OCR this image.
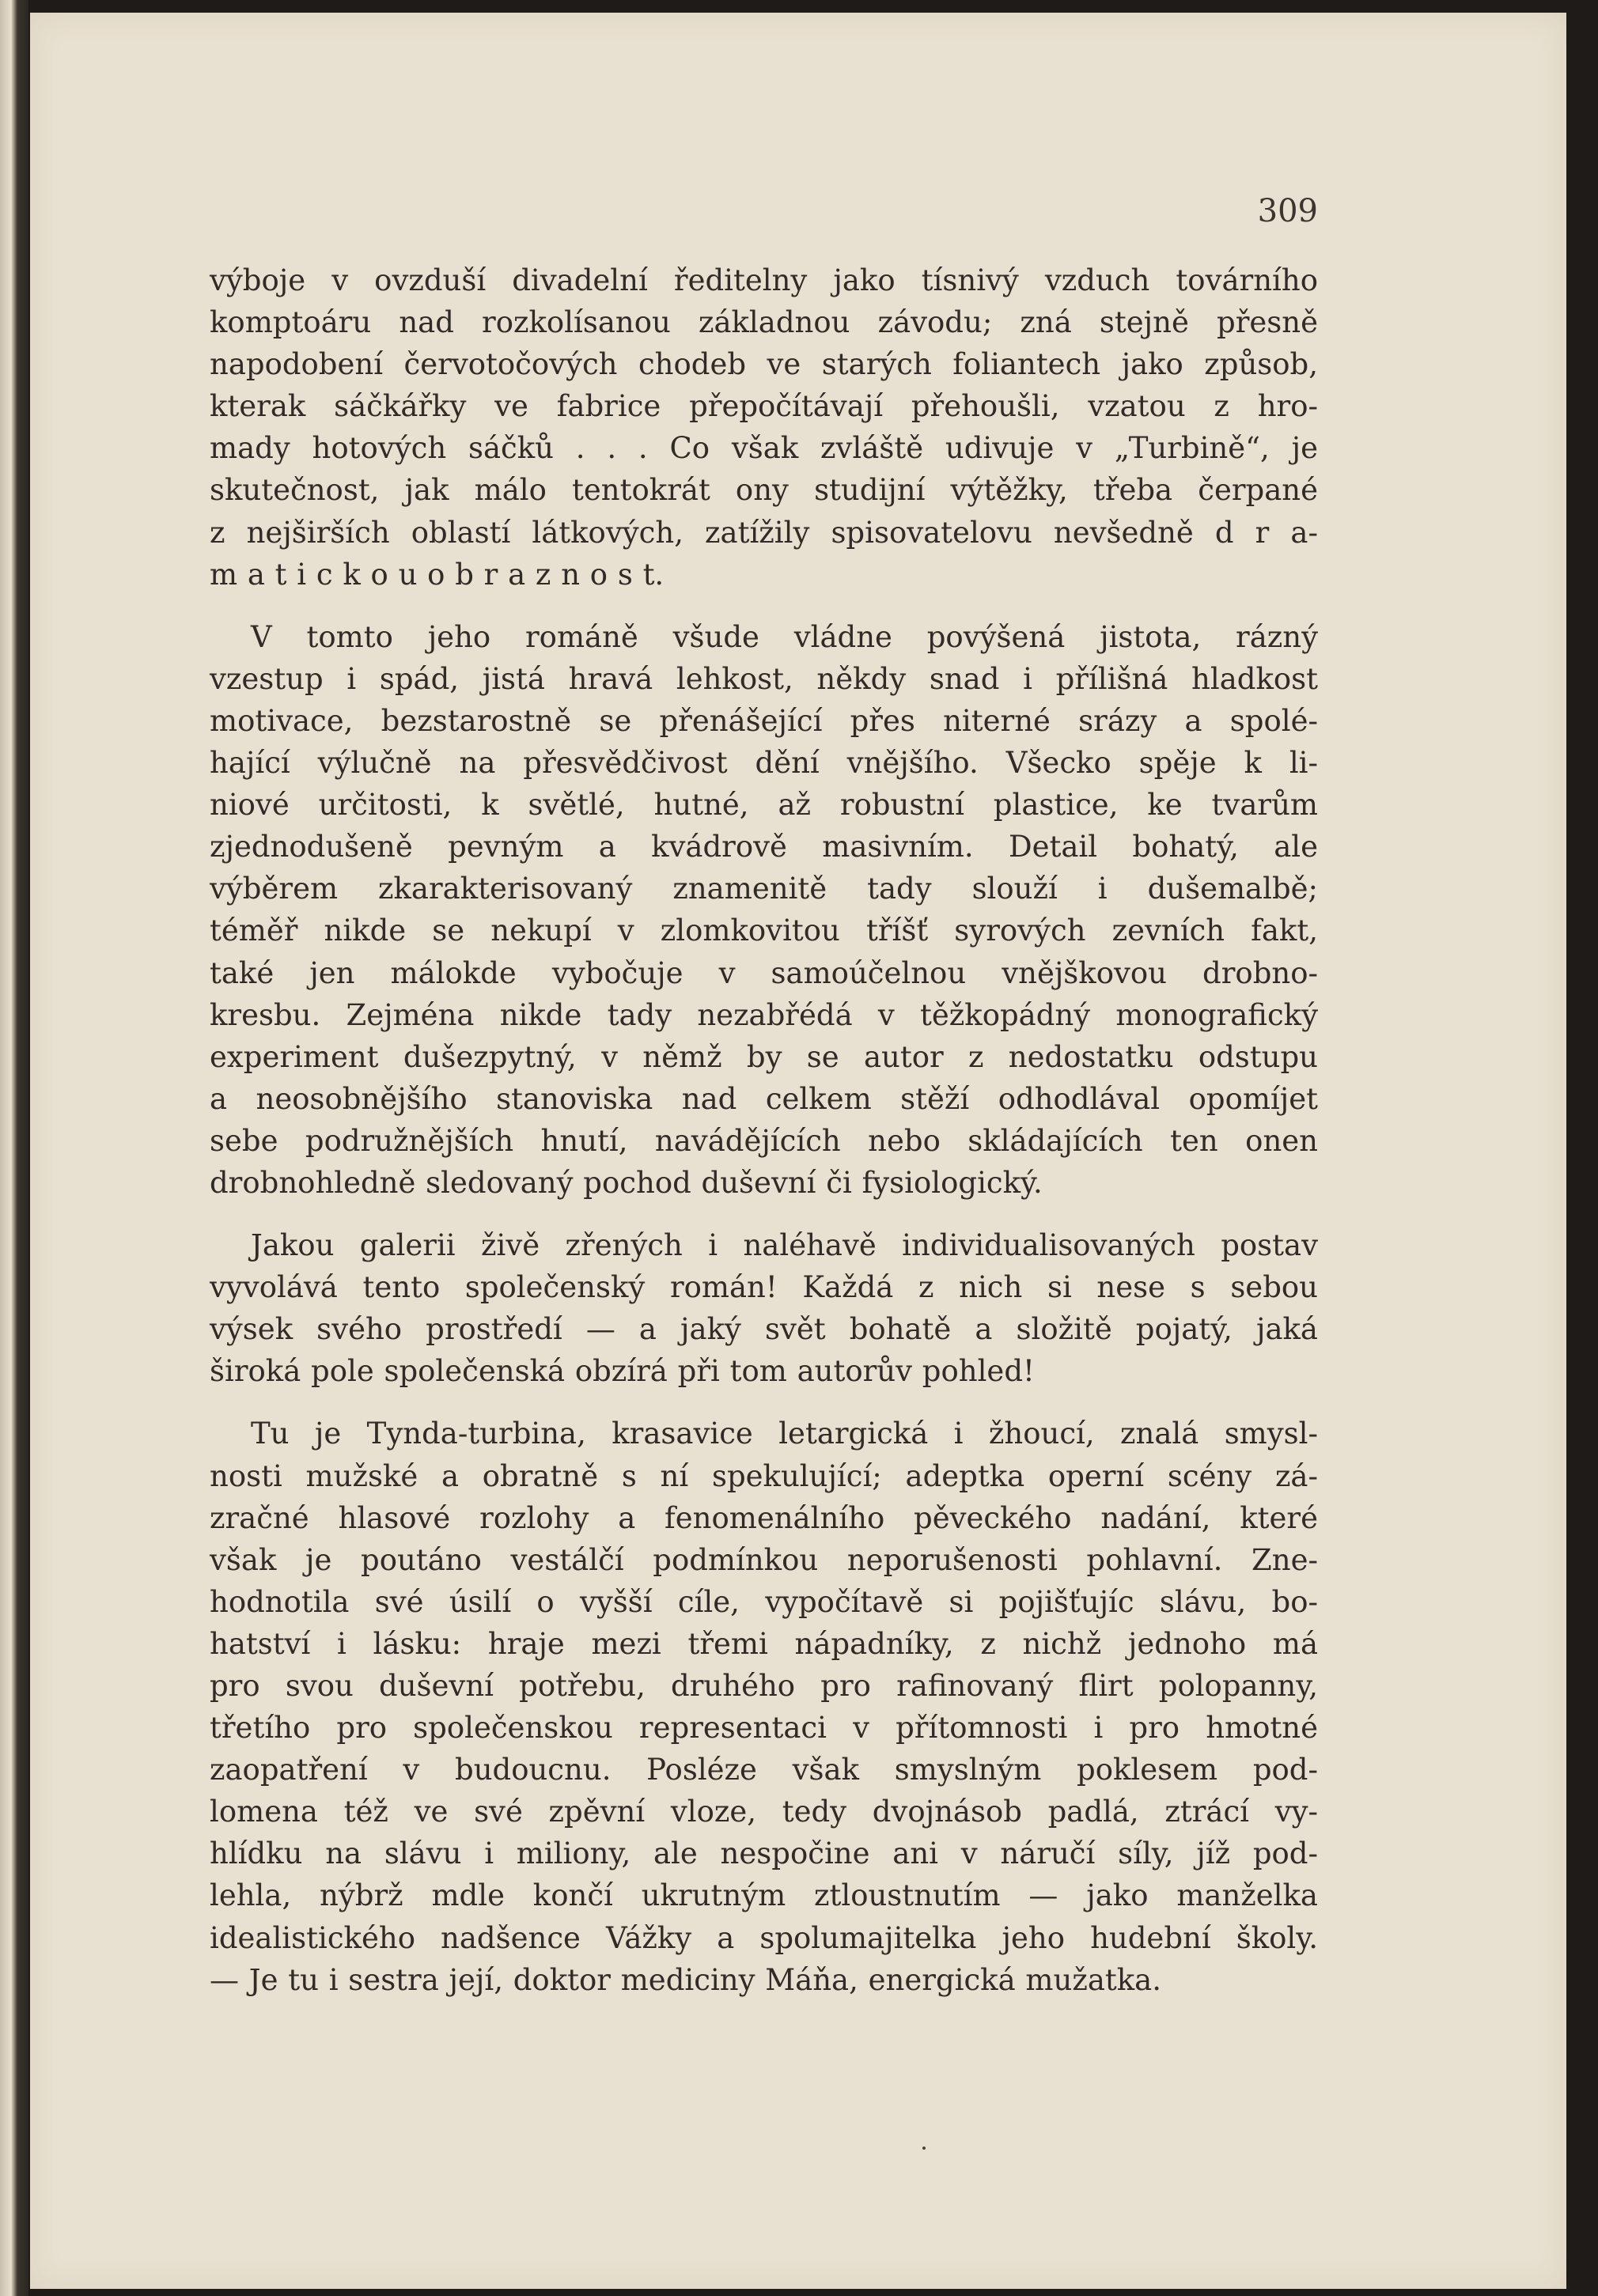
309
výboje v ovzduší divadelní ředitelny jako tísnivý vzduch továrního
komptoáru nad rozkolísanou základnou závodu; zná stejně přesně
napodobení červotočových chodeb ve starých foliantech jako způsob,
kterak sáčkářky ve fabrice přepočítávají přehoušli, vzatou z hro-
mady hotových sáčků . . . Co však zvláště udivuje v „Turbině“, je
skutečnost, jak málo tentokrát ony studijní výtěžky, třeba čerpané
z nejširších oblastí látkových, zatížily spisovatelovu nevšedně d r a-
m a t i c k o u o b r a z n o s t.
V tomto jeho románě všude vládne povýšená jistota, rázný
vzestup i spád, jistá hravá lehkost, někdy snad i přílišná hladkost
motivace, bezstarostně se přenášející přes niterné srázy a spolé-
hající výlučně na přesvědčivost dění vnějšího. Všecko spěje k li-
niové určitosti, k světlé, hutné, až robustní plastice, ke tvarům
zjednodušeně pevným a kvádrově masivním. Detail bohatý, ale
výběrem zkarakterisovaný znamenitě tady slouží i dušemalbě;
téměř nikde se nekupí v zlomkovitou tříšť syrových zevních fakt,
také jen málokde vybočuje v samoúčelnou vnějškovou drobno-
kresbu. Zejména nikde tady nezabřédá v těžkopádný monografický
experiment dušezpytný, v němž by se autor z nedostatku odstupu
a neosobnějšího stanoviska nad celkem stěží odhodlával opomíjet
sebe podružnějších hnutí, navádějících nebo skládajících ten onen
drobnohledně sledovaný pochod duševní či fysiologický.
Jakou galerii živě zřených i naléhavě individualisovaných postav
vyvolává tento společenský román! Každá z nich si nese s sebou
výsek svého prostředí — a jaký svět bohatě a složitě pojatý, jaká
široká pole společenská obzírá při tom autorův pohled!
Tu je Tynda-turbina, krasavice letargická i žhoucí, znalá smysl-
nosti mužské a obratně s ní spekulující; adeptka operní scény zá-
zračné hlasové rozlohy a fenomenálního pěveckého nadání, které
však je poutáno vestálčí podmínkou neporušenosti pohlavní. Zne-
hodnotila své úsilí o vyšší cíle, vypočítavě si pojišťujíc slávu, bo-
hatství i lásku: hraje mezi třemi nápadníky, z nichž jednoho má
pro svou duševní potřebu, druhého pro rafinovaný flirt polopanny,
třetího pro společenskou representaci v přítomnosti i pro hmotné
zaopatření v budoucnu. Posléze však smyslným poklesem pod-
lomena též ve své zpěvní vloze, tedy dvojnásob padlá, ztrácí vy-
hlídku na slávu i miliony, ale nespočine ani v náručí síly, jíž pod-
lehla, nýbrž mdle končí ukrutným ztloustnutím — jako manželka
idealistického nadšence Vážky a spolumajitelka jeho hudební školy.
— Je tu i sestra její, doktor mediciny Máňa, energická mužatka.
